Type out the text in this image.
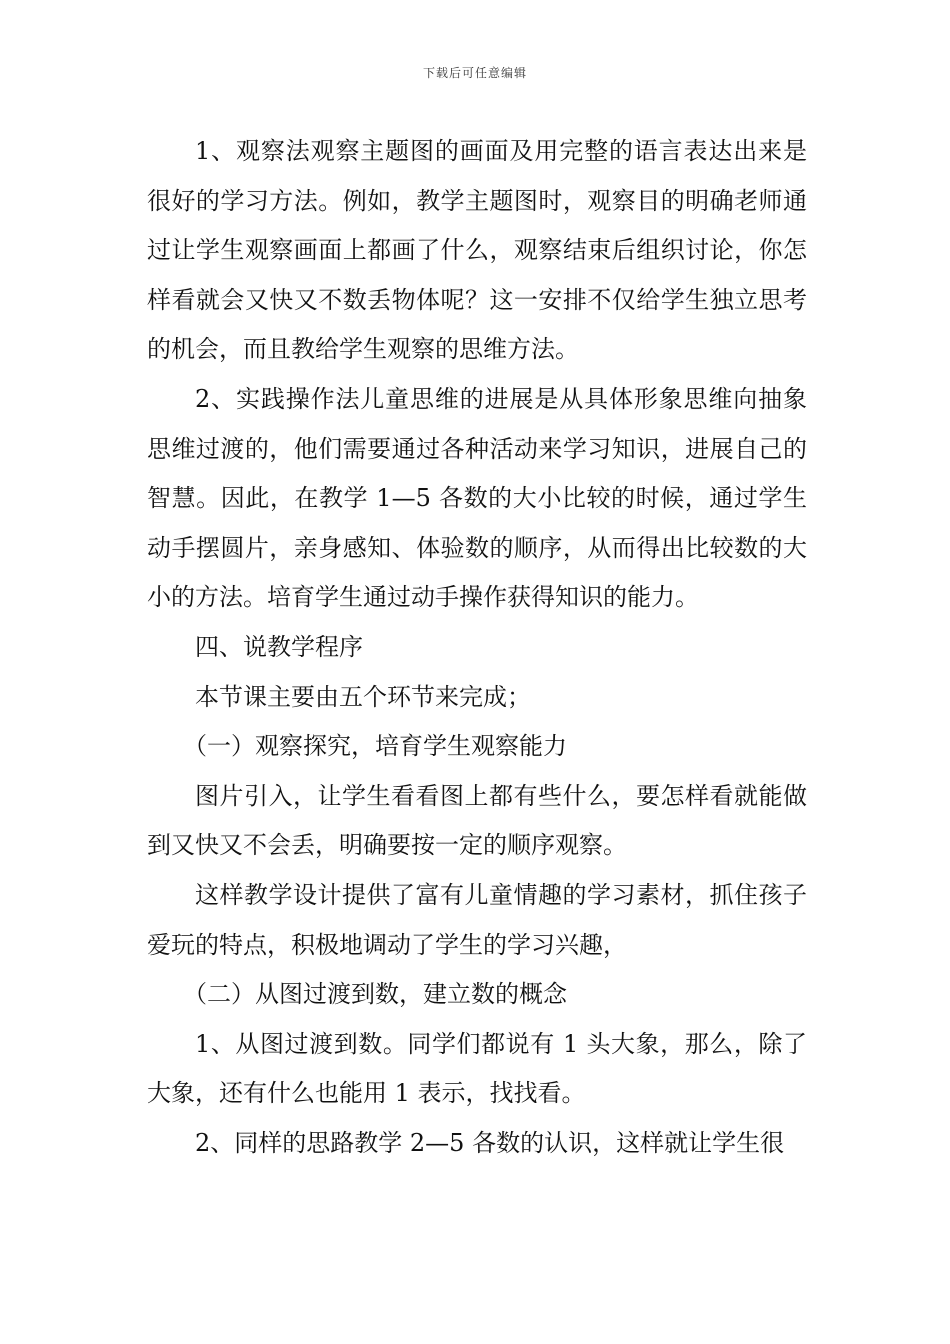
下载后可任意编辑

1、观察法观察主题图的画面及用完整的语言表达出来是很好的学习方法。例如，教学主题图时，观察目的明确老师通过让学生观察画面上都画了什么，观察结束后组织讨论，你怎样看就会又快又不数丢物体呢？这一安排不仅给学生独立思考的机会，而且教给学生观察的思维方法。

2、实践操作法儿童思维的进展是从具体形象思维向抽象思维过渡的，他们需要通过各种活动来学习知识，进展自己的智慧。因此，在教学 1—5 各数的大小比较的时候，通过学生动手摆圆片，亲身感知、体验数的顺序，从而得出比较数的大小的方法。培育学生通过动手操作获得知识的能力。

四、说教学程序

本节课主要由五个环节来完成；

（一）观察探究，培育学生观察能力

图片引入，让学生看看图上都有些什么，要怎样看就能做到又快又不会丢，明确要按一定的顺序观察。

这样教学设计提供了富有儿童情趣的学习素材，抓住孩子爱玩的特点，积极地调动了学生的学习兴趣，

（二）从图过渡到数，建立数的概念

1、从图过渡到数。同学们都说有 1 头大象，那么，除了大象，还有什么也能用 1 表示，找找看。

2、同样的思路教学 2—5 各数的认识，这样就让学生很
